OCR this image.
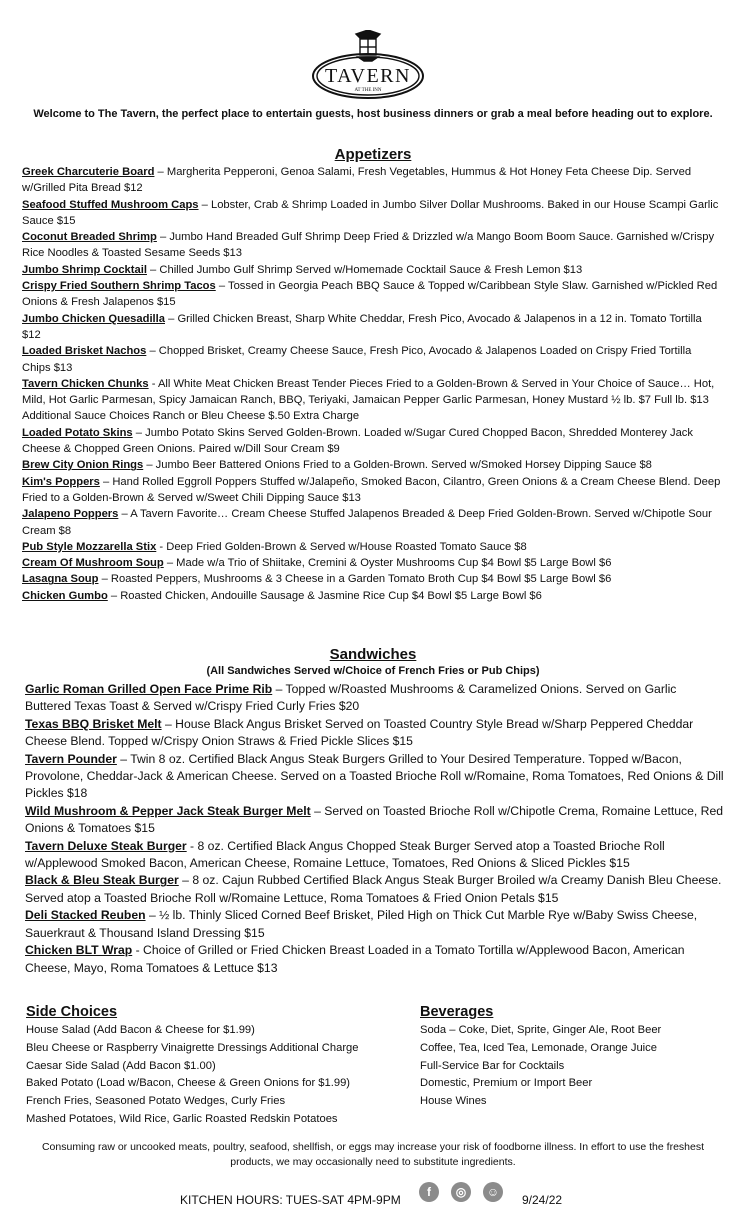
TAVERN
AT THE INN
Welcome to The Tavern, the perfect place to entertain guests, host business dinners or grab a meal before heading out to explore.
Appetizers

Greek Charcuterie Board – Margherita Pepperoni, Genoa Salami, Fresh Vegetables, Hummus & Hot Honey Feta Cheese Dip. Served w/Grilled Pita Bread $12

Seafood Stuffed Mushroom Caps – Lobster, Crab & Shrimp Loaded in Jumbo Silver Dollar Mushrooms. Baked in our House Scampi Garlic Sauce $15

Coconut Breaded Shrimp – Jumbo Hand Breaded Gulf Shrimp Deep Fried & Drizzled w/a Mango Boom Boom Sauce. Garnished w/Crispy Rice Noodles & Toasted Sesame Seeds $13

Jumbo Shrimp Cocktail – Chilled Jumbo Gulf Shrimp Served w/Homemade Cocktail Sauce & Fresh Lemon $13

Crispy Fried Southern Shrimp Tacos – Tossed in Georgia Peach BBQ Sauce & Topped w/Caribbean Style Slaw. Garnished w/Pickled Red Onions & Fresh Jalapenos $15

Jumbo Chicken Quesadilla – Grilled Chicken Breast, Sharp White Cheddar, Fresh Pico, Avocado & Jalapenos in a 12 in. Tomato Tortilla $12

Loaded Brisket Nachos – Chopped Brisket, Creamy Cheese Sauce, Fresh Pico, Avocado & Jalapenos Loaded on Crispy Fried Tortilla Chips $13

Tavern Chicken Chunks - All White Meat Chicken Breast Tender Pieces Fried to a Golden-Brown & Served in Your Choice of Sauce… Hot, Mild, Hot Garlic Parmesan, Spicy Jamaican Ranch, BBQ, Teriyaki, Jamaican Pepper Garlic Parmesan, Honey Mustard ½ lb. $7 Full lb. $13 Additional Sauce Choices Ranch or Bleu Cheese $.50 Extra Charge

Loaded Potato Skins – Jumbo Potato Skins Served Golden-Brown. Loaded w/Sugar Cured Chopped Bacon, Shredded Monterey Jack Cheese & Chopped Green Onions. Paired w/Dill Sour Cream $9

Brew City Onion Rings – Jumbo Beer Battered Onions Fried to a Golden-Brown. Served w/Smoked Horsey Dipping Sauce $8

Kim's Poppers – Hand Rolled Eggroll Poppers Stuffed w/Jalapeño, Smoked Bacon, Cilantro, Green Onions & a Cream Cheese Blend. Deep Fried to a Golden-Brown & Served w/Sweet Chili Dipping Sauce $13

Jalapeno Poppers – A Tavern Favorite… Cream Cheese Stuffed Jalapenos Breaded & Deep Fried Golden-Brown. Served w/Chipotle Sour Cream $8

Pub Style Mozzarella Stix - Deep Fried Golden-Brown & Served w/House Roasted Tomato Sauce $8

Cream Of Mushroom Soup – Made w/a Trio of Shiitake, Cremini & Oyster Mushrooms Cup $4 Bowl $5 Large Bowl $6

Lasagna Soup – Roasted Peppers, Mushrooms & 3 Cheese in a Garden Tomato Broth Cup $4 Bowl $5 Large Bowl $6

Chicken Gumbo – Roasted Chicken, Andouille Sausage & Jasmine Rice Cup $4 Bowl $5 Large Bowl $6

Sandwiches
(All Sandwiches Served w/Choice of French Fries or Pub Chips)

Garlic Roman Grilled Open Face Prime Rib – Topped w/Roasted Mushrooms & Caramelized Onions. Served on Garlic Buttered Texas Toast & Served w/Crispy Fried Curly Fries $20

Texas BBQ Brisket Melt – House Black Angus Brisket Served on Toasted Country Style Bread w/Sharp Peppered Cheddar Cheese Blend. Topped w/Crispy Onion Straws & Fried Pickle Slices $15

Tavern Pounder – Twin 8 oz. Certified Black Angus Steak Burgers Grilled to Your Desired Temperature. Topped w/Bacon, Provolone, Cheddar-Jack & American Cheese. Served on a Toasted Brioche Roll w/Romaine, Roma Tomatoes, Red Onions & Dill Pickles $18

Wild Mushroom & Pepper Jack Steak Burger Melt – Served on Toasted Brioche Roll w/Chipotle Crema, Romaine Lettuce, Red Onions & Tomatoes $15

Tavern Deluxe Steak Burger - 8 oz. Certified Black Angus Chopped Steak Burger Served atop a Toasted Brioche Roll w/Applewood Smoked Bacon, American Cheese, Romaine Lettuce, Tomatoes, Red Onions & Sliced Pickles $15

Black & Bleu Steak Burger – 8 oz. Cajun Rubbed Certified Black Angus Steak Burger Broiled w/a Creamy Danish Bleu Cheese. Served atop a Toasted Brioche Roll w/Romaine Lettuce, Roma Tomatoes & Fried Onion Petals $15

Deli Stacked Reuben – ½ lb. Thinly Sliced Corned Beef Brisket, Piled High on Thick Cut Marble Rye w/Baby Swiss Cheese, Sauerkraut & Thousand Island Dressing $15

Chicken BLT Wrap - Choice of Grilled or Fried Chicken Breast Loaded in a Tomato Tortilla w/Applewood Bacon, American Cheese, Mayo, Roma Tomatoes & Lettuce $13

Side Choices
House Salad (Add Bacon & Cheese for $1.99)
Bleu Cheese or Raspberry Vinaigrette Dressings Additional Charge
Caesar Side Salad (Add Bacon $1.00)
Baked Potato (Load w/Bacon, Cheese & Green Onions for $1.99)
French Fries, Seasoned Potato Wedges, Curly Fries
Mashed Potatoes, Wild Rice, Garlic Roasted Redskin Potatoes
Beverages
Soda – Coke, Diet, Sprite, Ginger Ale, Root Beer
Coffee, Tea, Iced Tea, Lemonade, Orange Juice
Full-Service Bar for Cocktails
Domestic, Premium or Import Beer
House Wines
Consuming raw or uncooked meats, poultry, seafood, shellfish, or eggs may increase your risk of foodborne illness. In effort to use the freshest products, we may occasionally need to substitute ingredients.
KITCHEN HOURS: TUES-SAT 4PM-9PM
f	◎	☺
9/24/22
